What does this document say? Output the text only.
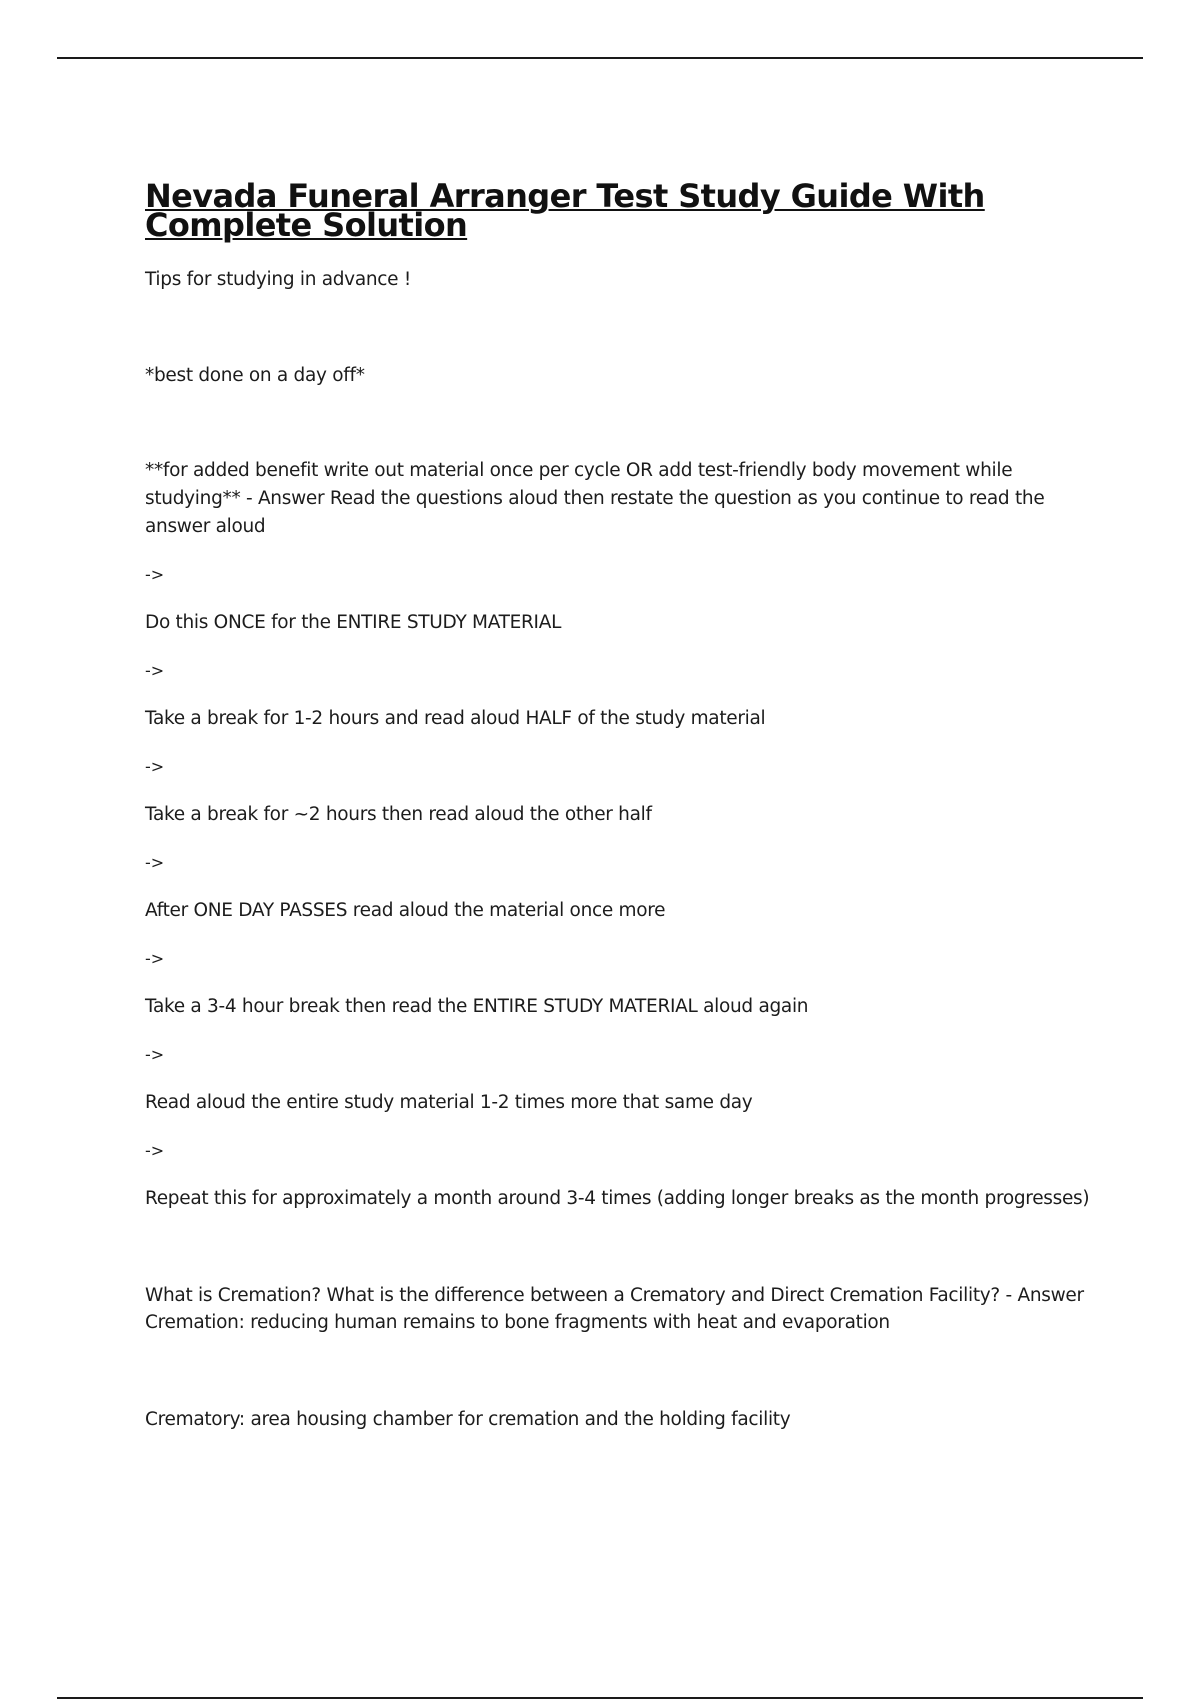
Nevada Funeral Arranger Test Study Guide With Complete Solution

Tips for studying in advance !

*best done on a day off*

**for added benefit write out material once per cycle OR add test-friendly body movement while studying** - Answer Read the questions aloud then restate the question as you continue to read the answer aloud

->

Do this ONCE for the ENTIRE STUDY MATERIAL

->

Take a break for 1-2 hours and read aloud HALF of the study material

->

Take a break for ~2 hours then read aloud the other half

->

After ONE DAY PASSES read aloud the material once more

->

Take a 3-4 hour break then read the ENTIRE STUDY MATERIAL aloud again

->

Read aloud the entire study material 1-2 times more that same day

->

Repeat this for approximately a month around 3-4 times (adding longer breaks as the month progresses)

What is Cremation? What is the difference between a Crematory and Direct Cremation Facility? - Answer Cremation: reducing human remains to bone fragments with heat and evaporation

Crematory: area housing chamber for cremation and the holding facility
